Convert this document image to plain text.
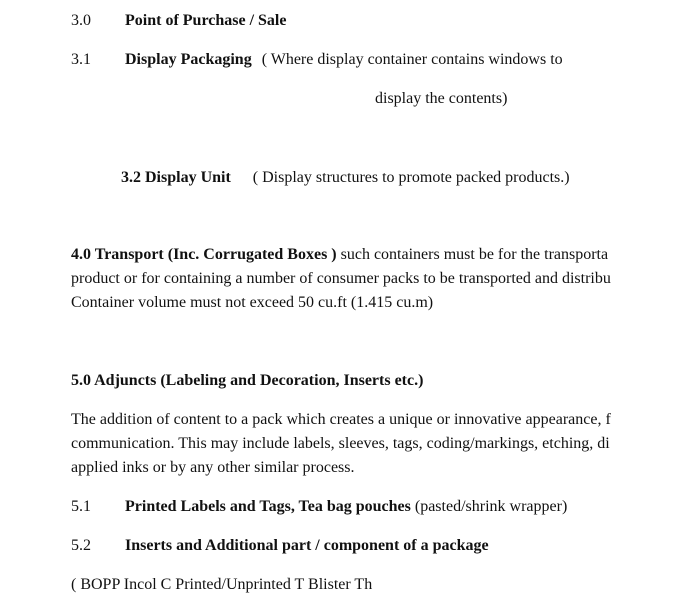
3.0 Point of Purchase / Sale
3.1 Display Packaging ( Where display container contains windows to
display the contents)
3.2 Display Unit ( Display structures to promote packed products.)
4.0 Transport (Inc. Corrugated Boxes ) such containers must be for the transporta
product or for containing a number of consumer packs to be transported and distribu
Container volume must not exceed 50 cu.ft (1.415 cu.m)
5.0 Adjuncts (Labeling and Decoration, Inserts etc.)
The addition of content to a pack which creates a unique or innovative appearance, f
communication. This may include labels, sleeves, tags, coding/markings, etching, di
applied inks or by any other similar process.
5.1 Printed Labels and Tags, Tea bag pouches (pasted/shrink wrapper)
5.2 Inserts and Additional part / component of a package
( BOPP Incol C Printed/Unprinted T Blister Th
